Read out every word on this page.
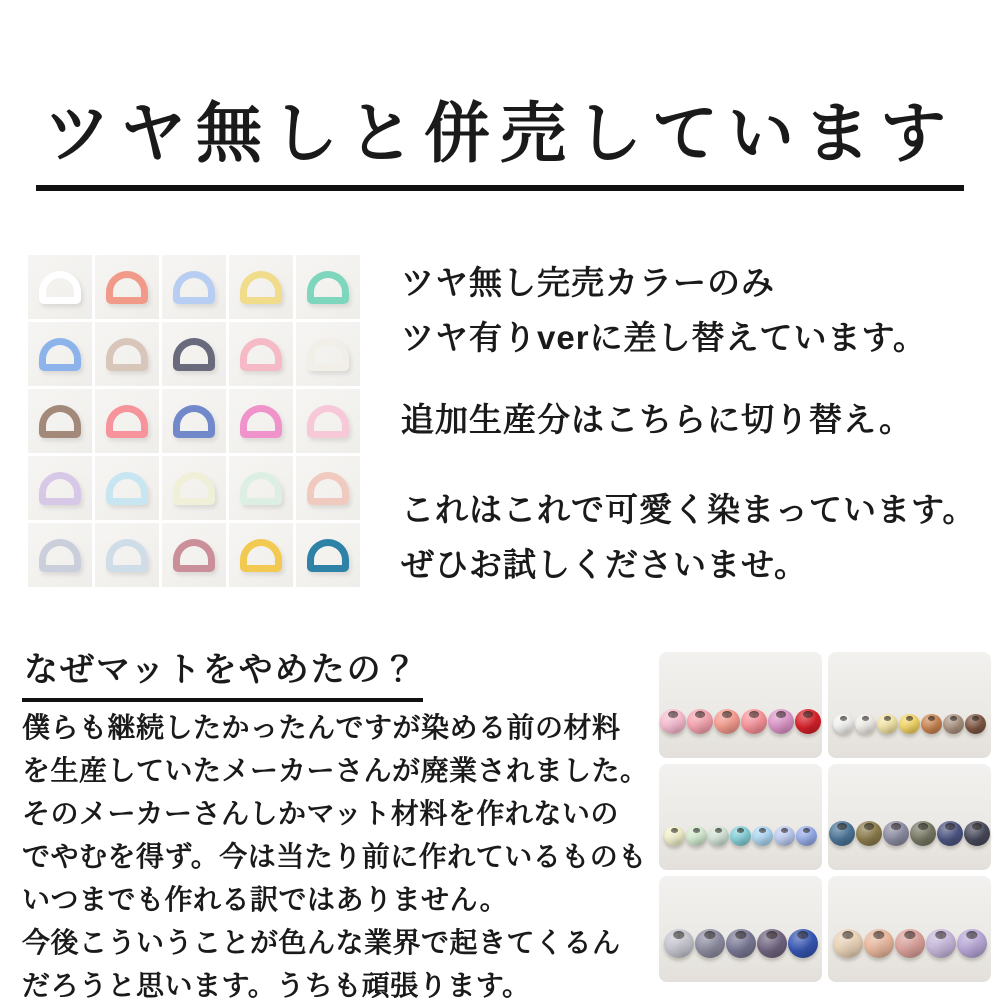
ツヤ無しと併売しています
ツヤ無し完売カラーのみ
ツヤ有りverに差し替えています。
追加生産分はこちらに切り替え。
これはこれで可愛く染まっています。
ぜひお試しくださいませ。
なぜマットをやめたの？
僕らも継続したかったんですが染める前の材料
を生産していたメーカーさんが廃業されました。
そのメーカーさんしかマット材料を作れないの
でやむを得ず。今は当たり前に作れているものも
いつまでも作れる訳ではありません。
今後こういうことが色んな業界で起きてくるん
だろうと思います。うちも頑張ります。
